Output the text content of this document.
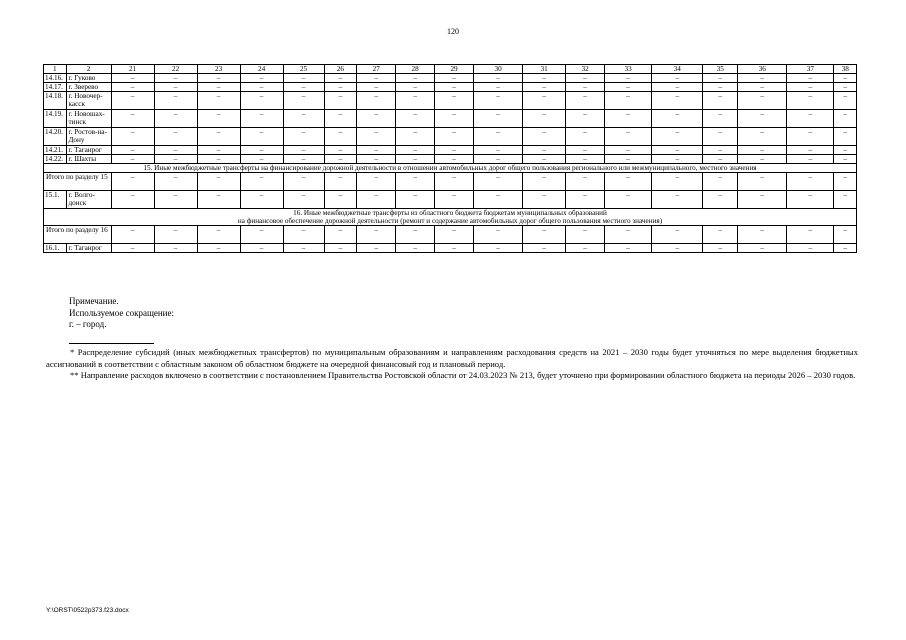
120
1	2	21	22	23	24	25	26	27	28	29	30	31	32	33	34	35	36	37	38
14.16.	г. Гуково	–	–	–	–	–	–	–	–	–	–	–	–	–	–	–	–	–	–
14.17.	г. Зверево	–	–	–	–	–	–	–	–	–	–	–	–	–	–	–	–	–	–
14.18.	г. Новочер-касск	–	–	–	–	–	–	–	–	–	–	–	–	–	–	–	–	–	–
14.19.	г. Новошах-тинск	–	–	–	–	–	–	–	–	–	–	–	–	–	–	–	–	–	–
14.20.	г. Ростов-на-Дону	–	–	–	–	–	–	–	–	–	–	–	–	–	–	–	–	–	–
14.21.	г. Таганрог	–	–	–	–	–	–	–	–	–	–	–	–	–	–	–	–	–	–
14.22.	г. Шахты	–	–	–	–	–	–	–	–	–	–	–	–	–	–	–	–	–	–
15. Иные межбюджетные трансферты на финансирование дорожной деятельности в отношении автомобильных дорог общего пользования регионального или межмуниципального, местного значения																			
Итого по разделу 15		–	–	–	–	–	–	–	–	–	–	–	–	–	–	–	–	–	–
15.1.	г. Волго-донск	–	–	–	–	–	–	–	–	–	–	–	–	–	–	–	–	–	–

16. Иные межбюджетные трансферты из областного бюджета бюджетам муниципальных образований
на финансовое обеспечение дорожной деятельности (ремонт и содержание автомобильных дорог общего пользования местного значения)																			

Итого по разделу 16		–	–	–	–	–	–	–	–	–	–	–	–	–	–	–	–	–	–
16.1.	г. Таганрог	–	–	–	–	–	–	–	–	–	–	–	–	–	–	–	–	–	–
Примечание.
Используемое сокращение:
г. – город.

* Распределение субсидий (иных межбюджетных трансфертов) по муниципальным образованиям и направлениям расходования средств на 2021 – 2030 годы будет уточняться по мере выделения бюджетных ассигнований в соответствии с областным законом об областном бюджете на очередной финансовый год и плановый период.

** Направление расходов включено в соответствии с постановлением Правительства Ростовской области от 24.03.2023 № 213, будет уточнено при формировании областного бюджета на периоды 2026 – 2030 годов.

Y:\ORST\0522p373.f23.docx
